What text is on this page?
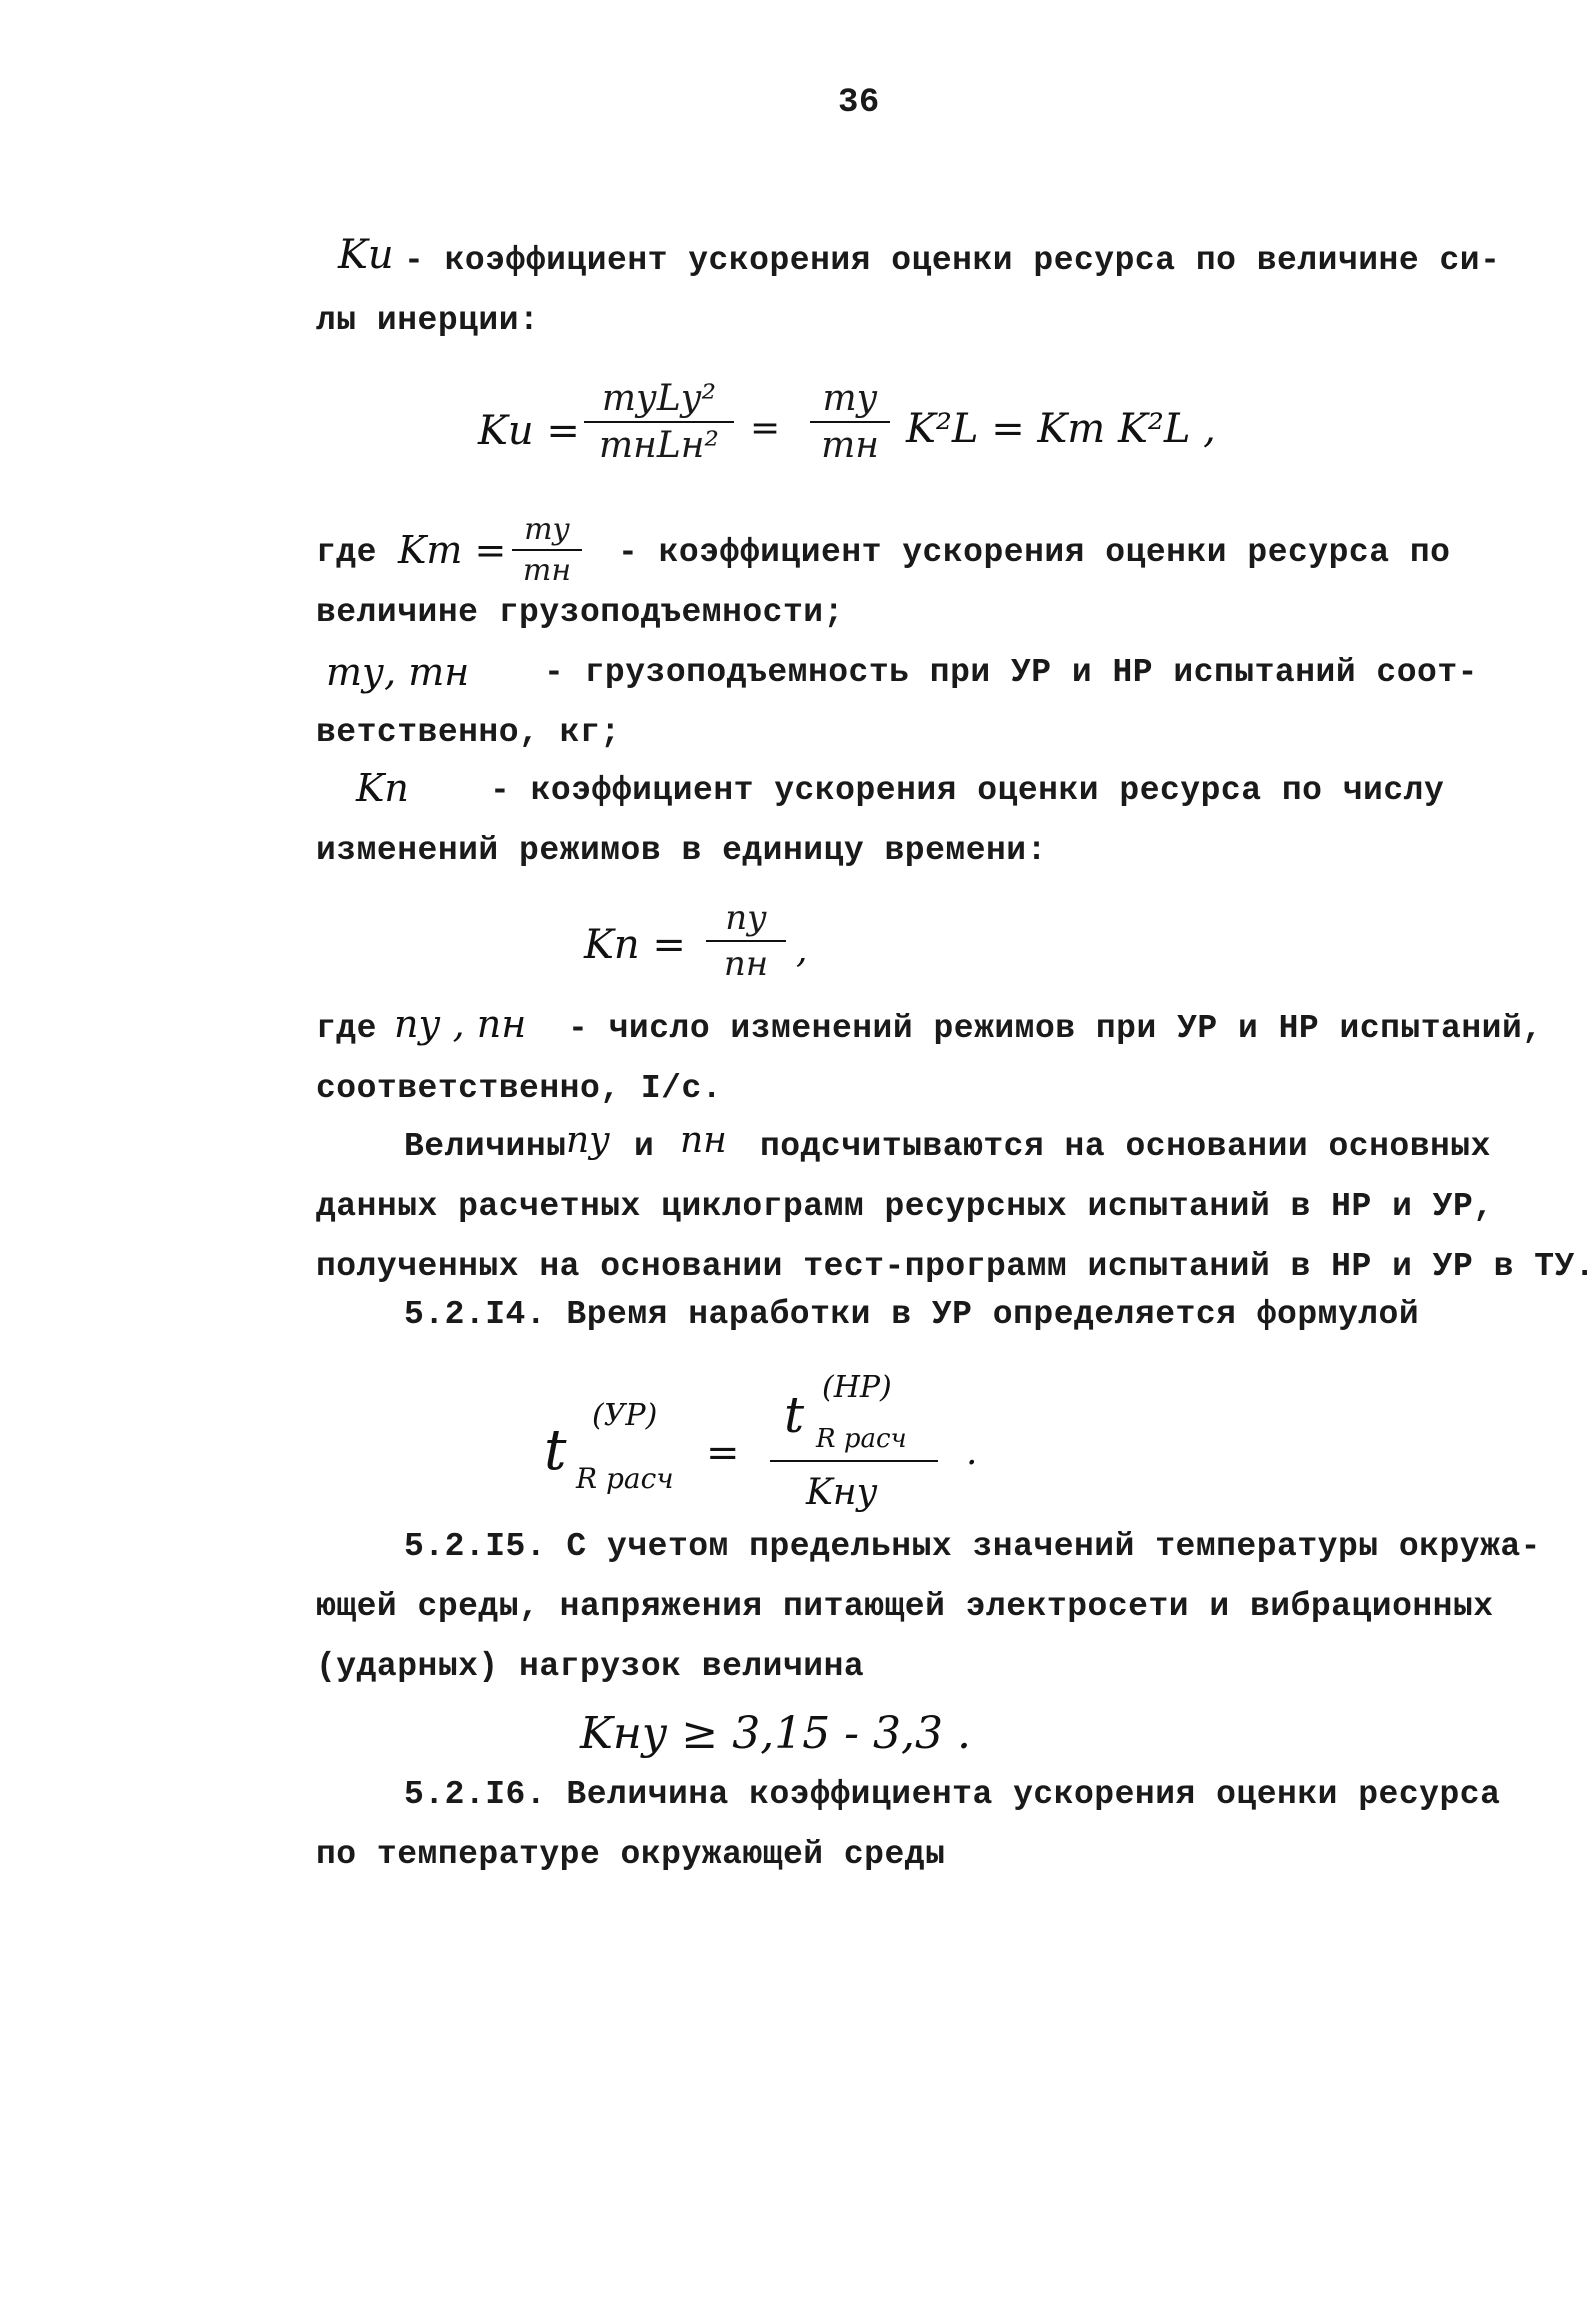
36
Kи - коэффициент ускорения оценки ресурса по величине си-
лы инерции:
Kи =
mуLу²
mнLн² =
mу
mн K²L = Km K²L ,
где Km = mу
mн	- коэффициент ускорения оценки ресурса по
величине грузоподъемности;
mу, mн - грузоподъемность при УР и НР испытаний соот-
ветственно, кг;
Kn - коэффициент ускорения оценки ресурса по числу
изменений режимов в единицу времени:
Kn =
nу
nн ,
где nу , nн - число изменений режимов при УР и НР испытаний,
соответственно, I/с.
Величины nу и nн подсчитываются на основании основных
данных расчетных циклограмм ресурсных испытаний в НР и УР,
полученных на основании тест-программ испытаний в НР и УР в ТУ.
5.2.I4. Время наработки в УР определяется формулой
(УР)
t R расч
=
(НР)
t R расч
Kну
.
5.2.I5. С учетом предельных значений температуры окружа-
ющей среды, напряжения питающей электросети и вибрационных
(ударных) нагрузок величина
Kну ≥ 3,15 - 3,3 .
5.2.I6. Величина коэффициента ускорения оценки ресурса
по температуре окружающей среды
